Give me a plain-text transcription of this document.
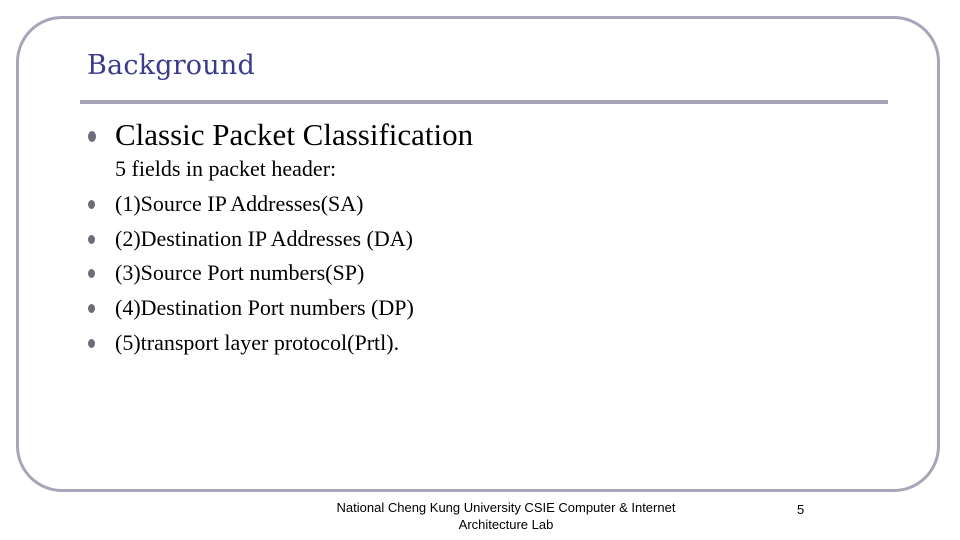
Background
Classic Packet Classification
5 fields in packet header:
(1)Source IP Addresses(SA)
(2)Destination IP Addresses (DA)
(3)Source Port numbers(SP)
(4)Destination Port numbers (DP)
(5)transport layer protocol(Prtl).
National Cheng Kung University CSIE Computer & Internet
Architecture Lab
5
